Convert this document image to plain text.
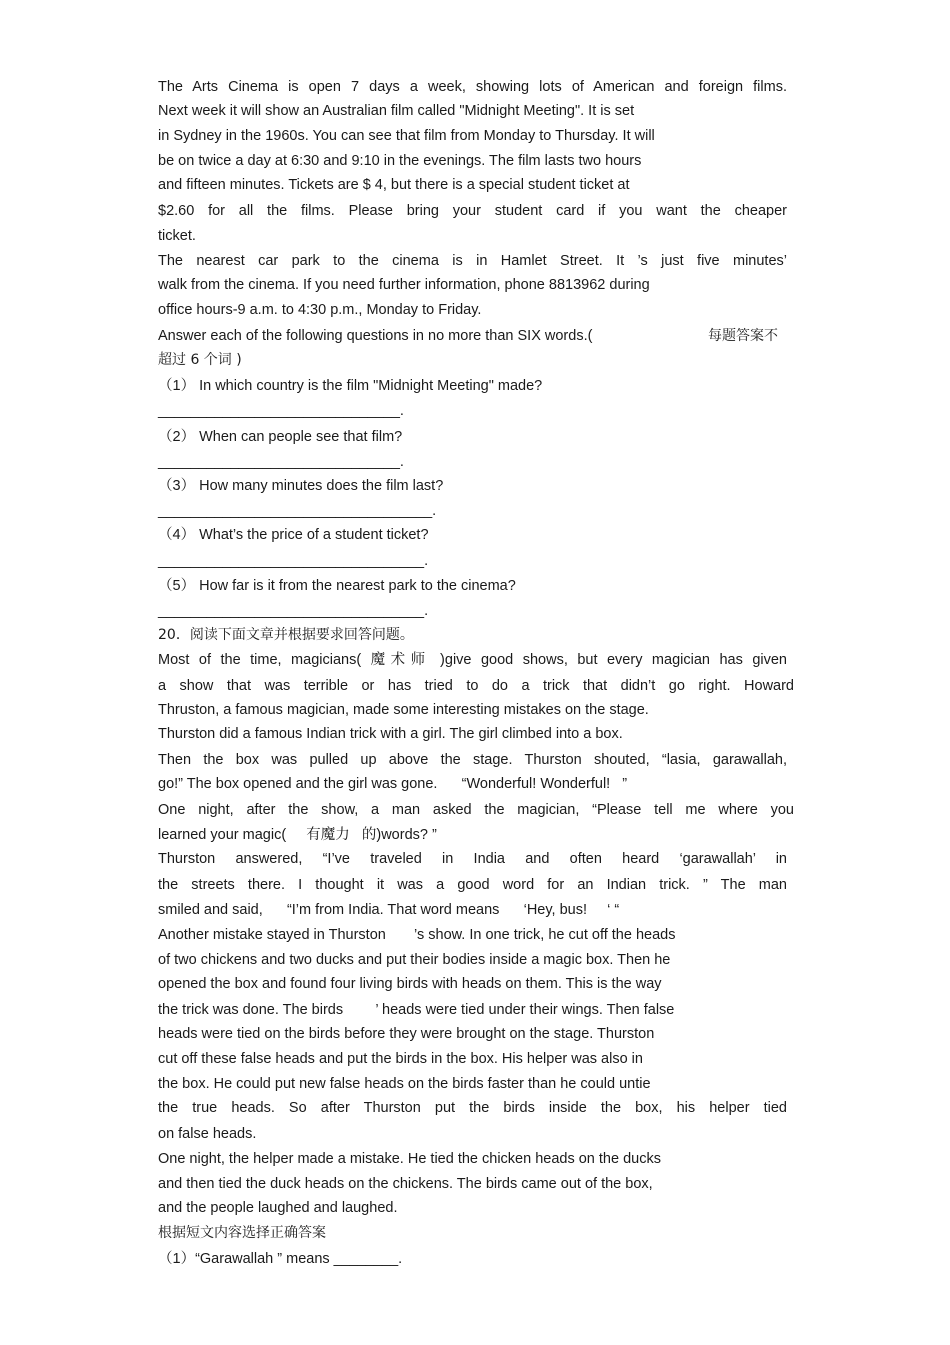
The Arts Cinema is open 7 days a week, showing lots of American and foreign films.
Next week it will show an Australian film called "Midnight Meeting". It is set
in Sydney in the 1960s. You can see that film from Monday to Thursday. It will
be on twice a day at 6:30 and 9:10 in the evenings. The film lasts two hours
and fifteen minutes. Tickets are $ 4, but there is a special student ticket at
$2.60 for all the films. Please bring your student card if you want the cheaper
ticket.
The nearest car park to the cinema is in Hamlet Street. It ’s just five minutes’
walk from the cinema. If you need further information, phone 8813962 during
office hours-9 a.m. to 4:30 p.m., Monday to Friday.
Answer each of the following questions in no more than SIX words.(	每题答案不
超过 6 个词 )
（1） In which country is the film "Midnight Meeting" made?
______________________________.
（2） When can people see that film?
______________________________.
（3） How many minutes does the film last?
__________________________________.
（4） What’s the price of a student ticket?
_________________________________.
（5） How far is it from the nearest park to the cinema?
_________________________________.
20．阅读下面文章并根据要求回答问题。
Most of the time, magicians( 魔术师 )give good shows, but every magician has given
a show that was terrible or has tried to do a trick that didn’t go right. Howard
Thruston, a famous magician, made some interesting mistakes on the stage.
Thurston did a famous Indian trick with a girl. The girl climbed into a box.
Then the box was pulled up above the stage. Thurston shouted, “lasia, garawallah,
go!” The box opened and the girl was gone.      “Wonderful! Wonderful!   ”
One night, after the show, a man asked the magician, “Please tell me where you
learned your magic(     有魔力   的)words? ”
Thurston answered, “I’ve traveled in India and often heard ‘garawallah’ in
the streets there. I thought it was a good word for an Indian trick. ” The man
smiled and said,      “I’m from India. That word means      ‘Hey, bus!     ‘ “
Another mistake stayed in Thurston       ’s show. In one trick, he cut off the heads
of two chickens and two ducks and put their bodies inside a magic box. Then he
opened the box and found four living birds with heads on them. This is the way
the trick was done. The birds        ’ heads were tied under their wings. Then false
heads were tied on the birds before they were brought on the stage. Thurston
cut off these false heads and put the birds in the box. His helper was also in
the box. He could put new false heads on the birds faster than he could untie
the true heads. So after Thurston put the birds inside the box, his helper tied
on false heads.
One night, the helper made a mistake. He tied the chicken heads on the ducks
and then tied the duck heads on the chickens. The birds came out of the box,
and the people laughed and laughed.
根据短文内容选择正确答案
（1）“Garawallah ” means ________.
